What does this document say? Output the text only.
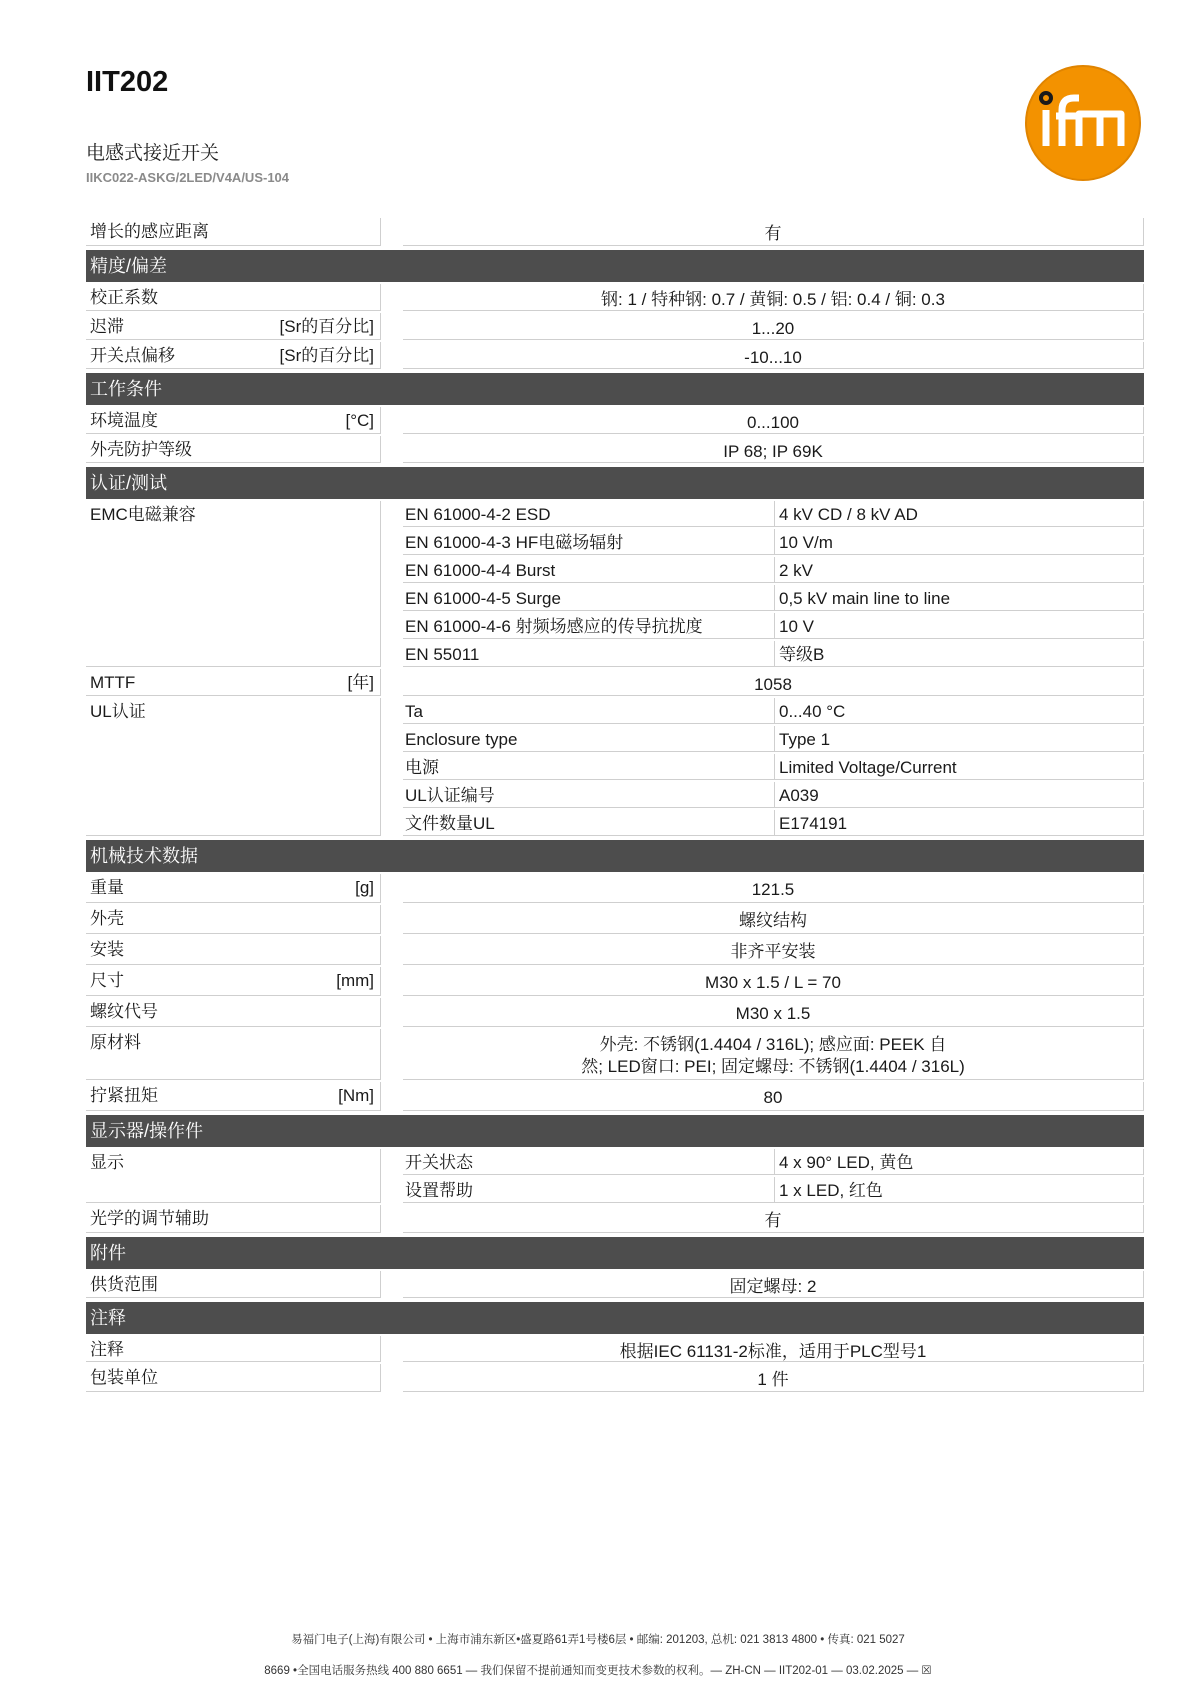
IIT202
电感式接近开关
IIKC022-ASKG/2LED/V4A/US-104
增长的感应距离	有
精度/偏差
校正系数	钢: 1 / 特种钢: 0.7 / 黄铜: 0.5 / 铝: 0.4 / 铜: 0.3
迟滞	[Sr的百分比]	1...20
开关点偏移	[Sr的百分比]	-10...10
工作条件
环境温度	[°C]	0...100
外壳防护等级	IP 68; IP 69K
认证/测试
EMC电磁兼容	EN 61000-4-2 ESD	4 kV CD / 8 kV AD
EN 61000-4-3 HF电磁场辐射	10 V/m
EN 61000-4-4 Burst	2 kV
EN 61000-4-5 Surge	0,5 kV main line to line
EN 61000-4-6 射频场感应的传导抗扰度	10 V
EN 55011	等级B
MTTF	[年]	1058
UL认证	Ta	0...40 °C
Enclosure type	Type 1
电源	Limited Voltage/Current
UL认证编号	A039
文件数量UL	E174191
机械技术数据
重量	[g]	121.5
外壳	螺纹结构
安装	非齐平安装
尺寸	[mm]	M30 x 1.5 / L = 70
螺纹代号	M30 x 1.5
原材料	外壳: 不锈钢(1.4404 / 316L); 感应面: PEEK 自
然; LED窗口: PEI; 固定螺母: 不锈钢(1.4404 / 316L)
拧紧扭矩	[Nm]	80
显示器/操作件
显示	开关状态	4 x 90° LED, 黄色
设置帮助	1 x LED, 红色
光学的调节辅助	有
附件
供货范围	固定螺母: 2
注释
注释	根据IEC 61131-2标准，适用于PLC型号1
包装单位	1 件
易福门电子(上海)有限公司 • 上海市浦东新区•盛夏路61弄1号楼6层 • 邮编: 201203, 总机: 021 3813 4800 • 传真: 021 5027
8669 •全国电话服务热线 400 880 6651 — 我们保留不提前通知而变更技术参数的权利。— ZH-CN — IIT202-01 — 03.02.2025 — ☒
